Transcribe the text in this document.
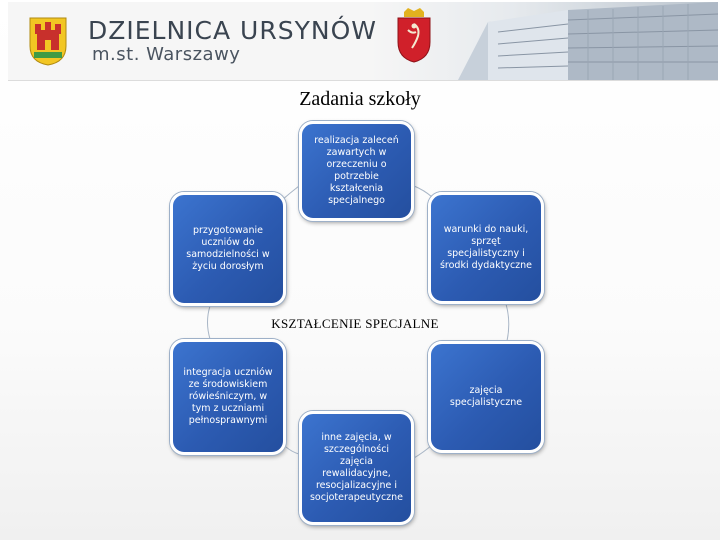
DZIELNICA URSYNÓW
m.st. Warszawy
Zadania szkoły
realizacja zaleceń zawartych w orzeczeniu o potrzebie kształcenia specjalnego
warunki do nauki, sprzęt specjalistyczny i środki dydaktyczne
zajęcia specjalistyczne
inne zajęcia, w szczególności zajęcia rewalidacyjne, resocjalizacyjne i socjoterapeutyczne
integracja uczniów ze środowiskiem rówieśniczym, w tym z uczniami pełnosprawnymi
przygotowanie uczniów do samodzielności w życiu dorosłym
KSZTAŁCENIE SPECJALNE
